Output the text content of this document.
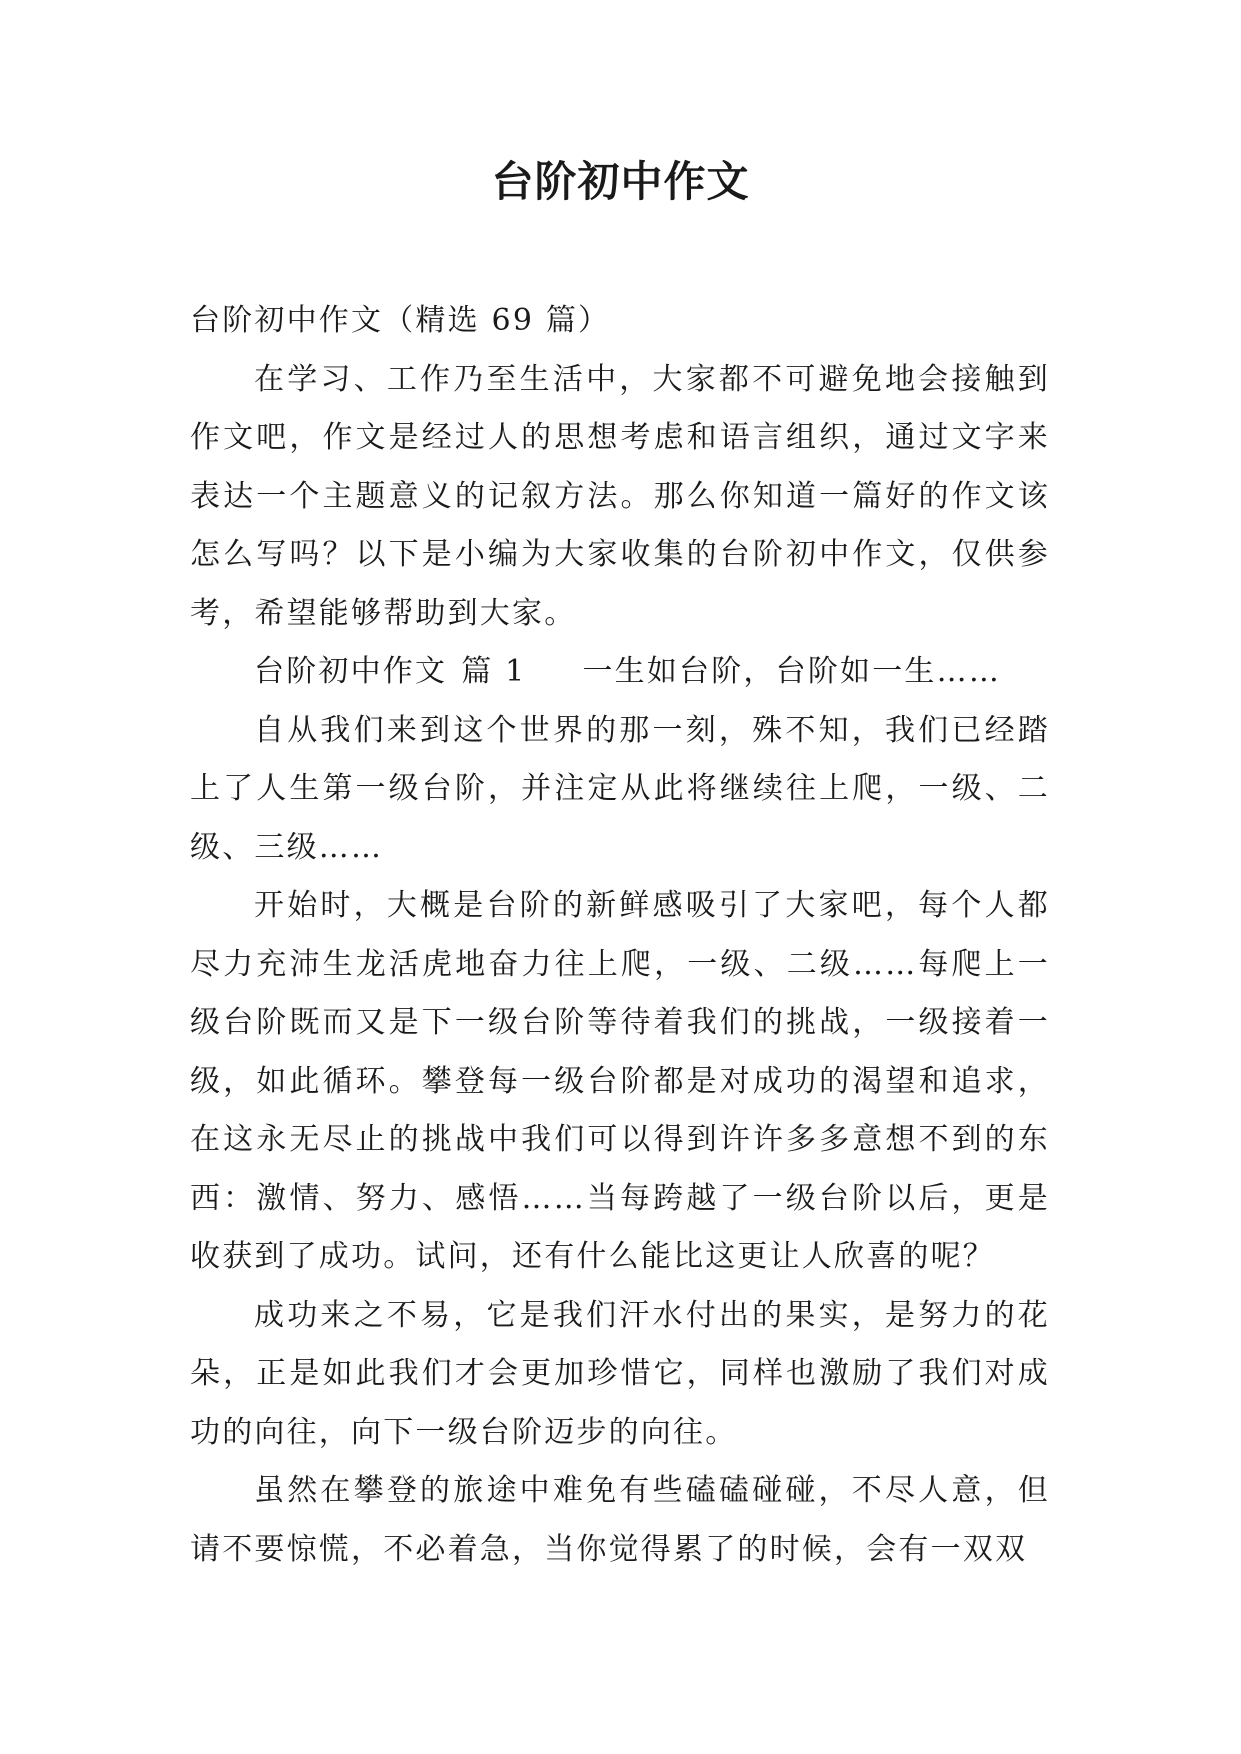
台阶初中作文

台阶初中作文（精选 69 篇）

在学习、工作乃至生活中，大家都不可避免地会接触到作文吧，作文是经过人的思想考虑和语言组织，通过文字来表达一个主题意义的记叙方法。那么你知道一篇好的作文该怎么写吗？以下是小编为大家收集的台阶初中作文，仅供参考，希望能够帮助到大家。

台阶初中作文 篇 1 一生如台阶，台阶如一生……

自从我们来到这个世界的那一刻，殊不知，我们已经踏上了人生第一级台阶，并注定从此将继续往上爬，一级、二级、三级……

开始时，大概是台阶的新鲜感吸引了大家吧，每个人都尽力充沛生龙活虎地奋力往上爬，一级、二级……每爬上一级台阶既而又是下一级台阶等待着我们的挑战，一级接着一级，如此循环。攀登每一级台阶都是对成功的渴望和追求，在这永无尽止的挑战中我们可以得到许许多多意想不到的东西：激情、努力、感悟……当每跨越了一级台阶以后，更是收获到了成功。试问，还有什么能比这更让人欣喜的呢？

成功来之不易，它是我们汗水付出的果实，是努力的花朵，正是如此我们才会更加珍惜它，同样也激励了我们对成功的向往，向下一级台阶迈步的向往。

虽然在攀登的旅途中难免有些磕磕碰碰，不尽人意，但请不要惊慌，不必着急，当你觉得累了的时候，会有一双双
